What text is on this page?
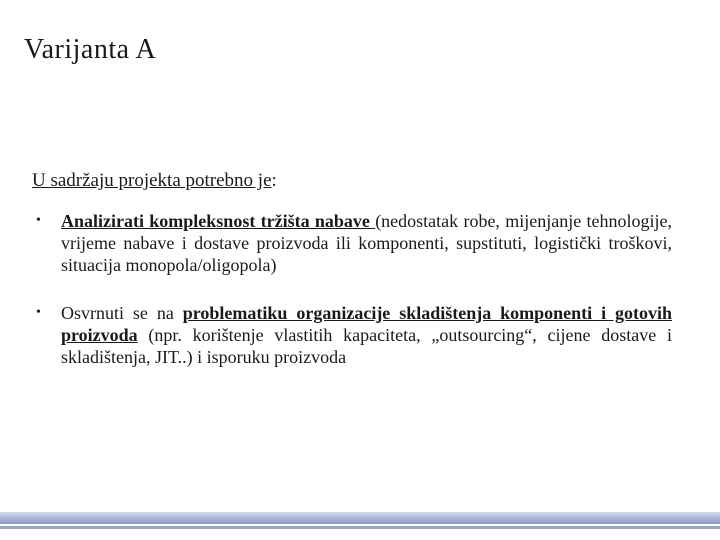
Varijanta A
U sadržaju projekta potrebno je:
• Analizirati kompleksnost tržišta nabave (nedostatak robe, mijenjanje tehnologije, vrijeme nabave i dostave proizvoda ili komponenti, supstituti, logistički troškovi, situacija monopola/oligopola)
• Osvrnuti se na problematiku organizacije skladištenja komponenti i gotovih proizvoda (npr. korištenje vlastitih kapaciteta, „outsourcing“, cijene dostave i skladištenja, JIT..) i isporuku proizvoda
